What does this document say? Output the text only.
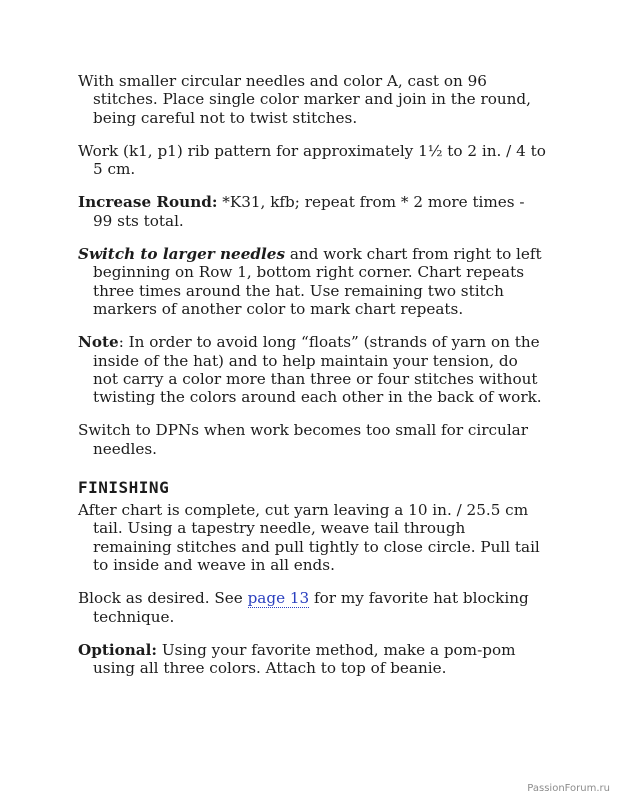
With smaller circular needles and color A, cast on 96 stitches. Place single color marker and join in the round, being careful not to twist stitches.

Work (k1, p1) rib pattern for approximately 1½ to 2 in. / 4 to 5 cm.

Increase Round: *K31, kfb; repeat from * 2 more times - 99 sts total.

Switch to larger needles and work chart from right to left beginning on Row 1, bottom right corner. Chart repeats three times around the hat. Use remaining two stitch markers of another color to mark chart repeats.

Note: In order to avoid long “floats” (strands of yarn on the inside of the hat) and to help maintain your tension, do not carry a color more than three or four stitches without twisting the colors around each other in the back of work.

Switch to DPNs when work becomes too small for circular needles.

FINISHING

After chart is complete, cut yarn leaving a 10 in. / 25.5 cm tail. Using a tapestry needle, weave tail through remaining stitches and pull tightly to close circle. Pull tail to inside and weave in all ends.

Block as desired. See page 13 for my favorite hat blocking technique.

Optional: Using your favorite method, make a pom-pom using all three colors. Attach to top of beanie.

PassionForum.ru
